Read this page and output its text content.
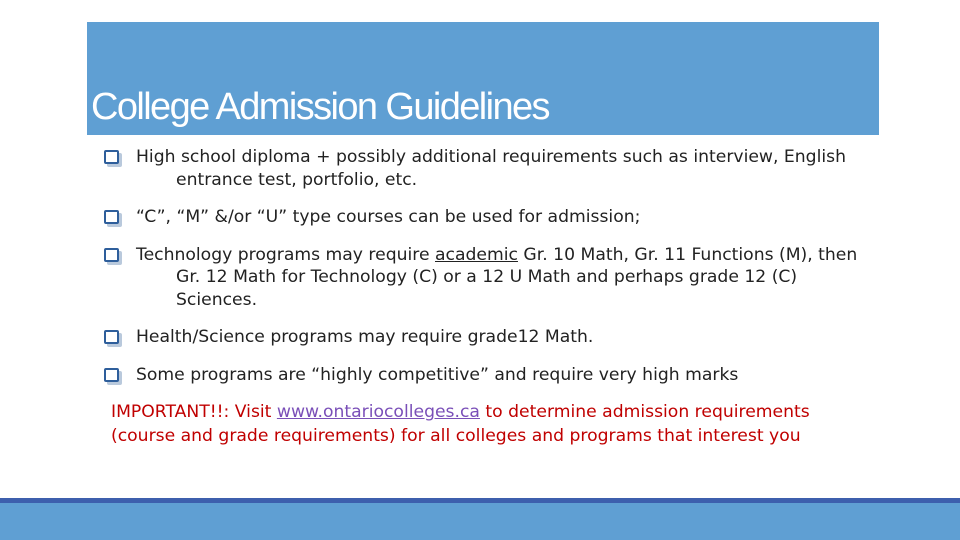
College Admission Guidelines
High school diploma + possibly additional requirements such as interview, English entrance test, portfolio, etc.
“C”, “M” &/or “U” type courses can be used for admission;
Technology programs may require academic Gr. 10 Math, Gr. 11 Functions (M), then Gr. 12 Math for Technology (C) or a 12 U Math and perhaps grade 12 (C) Sciences.
Health/Science programs may require grade12 Math.
Some programs are “highly competitive” and require very high marks

IMPORTANT!!: Visit www.ontariocolleges.ca to determine admission requirements (course and grade requirements) for all colleges and programs that interest you
